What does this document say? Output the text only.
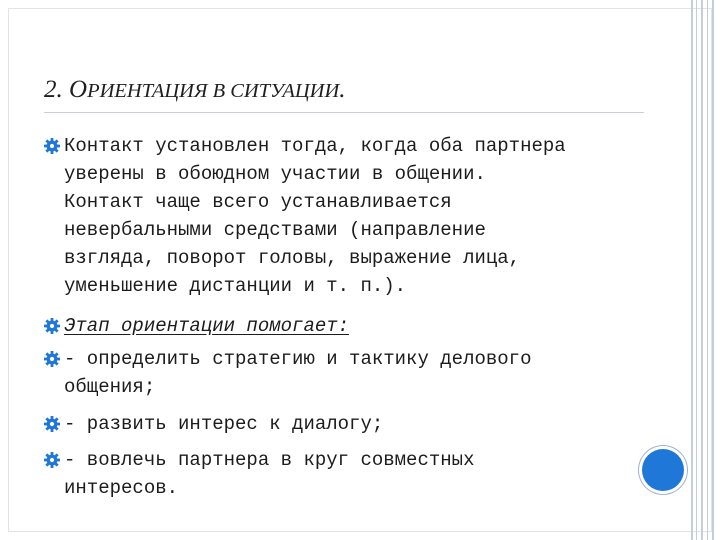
2. ОРИЕНТАЦИЯ В СИТУАЦИИ.
Контакт установлен тогда, когда оба партнера
уверены в обоюдном участии в общении.
Контакт чаще всего устанавливается
невербальными средствами (направление
взгляда, поворот головы, выражение лица,
уменьшение дистанции и т. п.).
Этап ориентации помогает:
- определить стратегию и тактику делового
общения;
- развить интерес к диалогу;
- вовлечь партнера в круг совместных
интересов.
